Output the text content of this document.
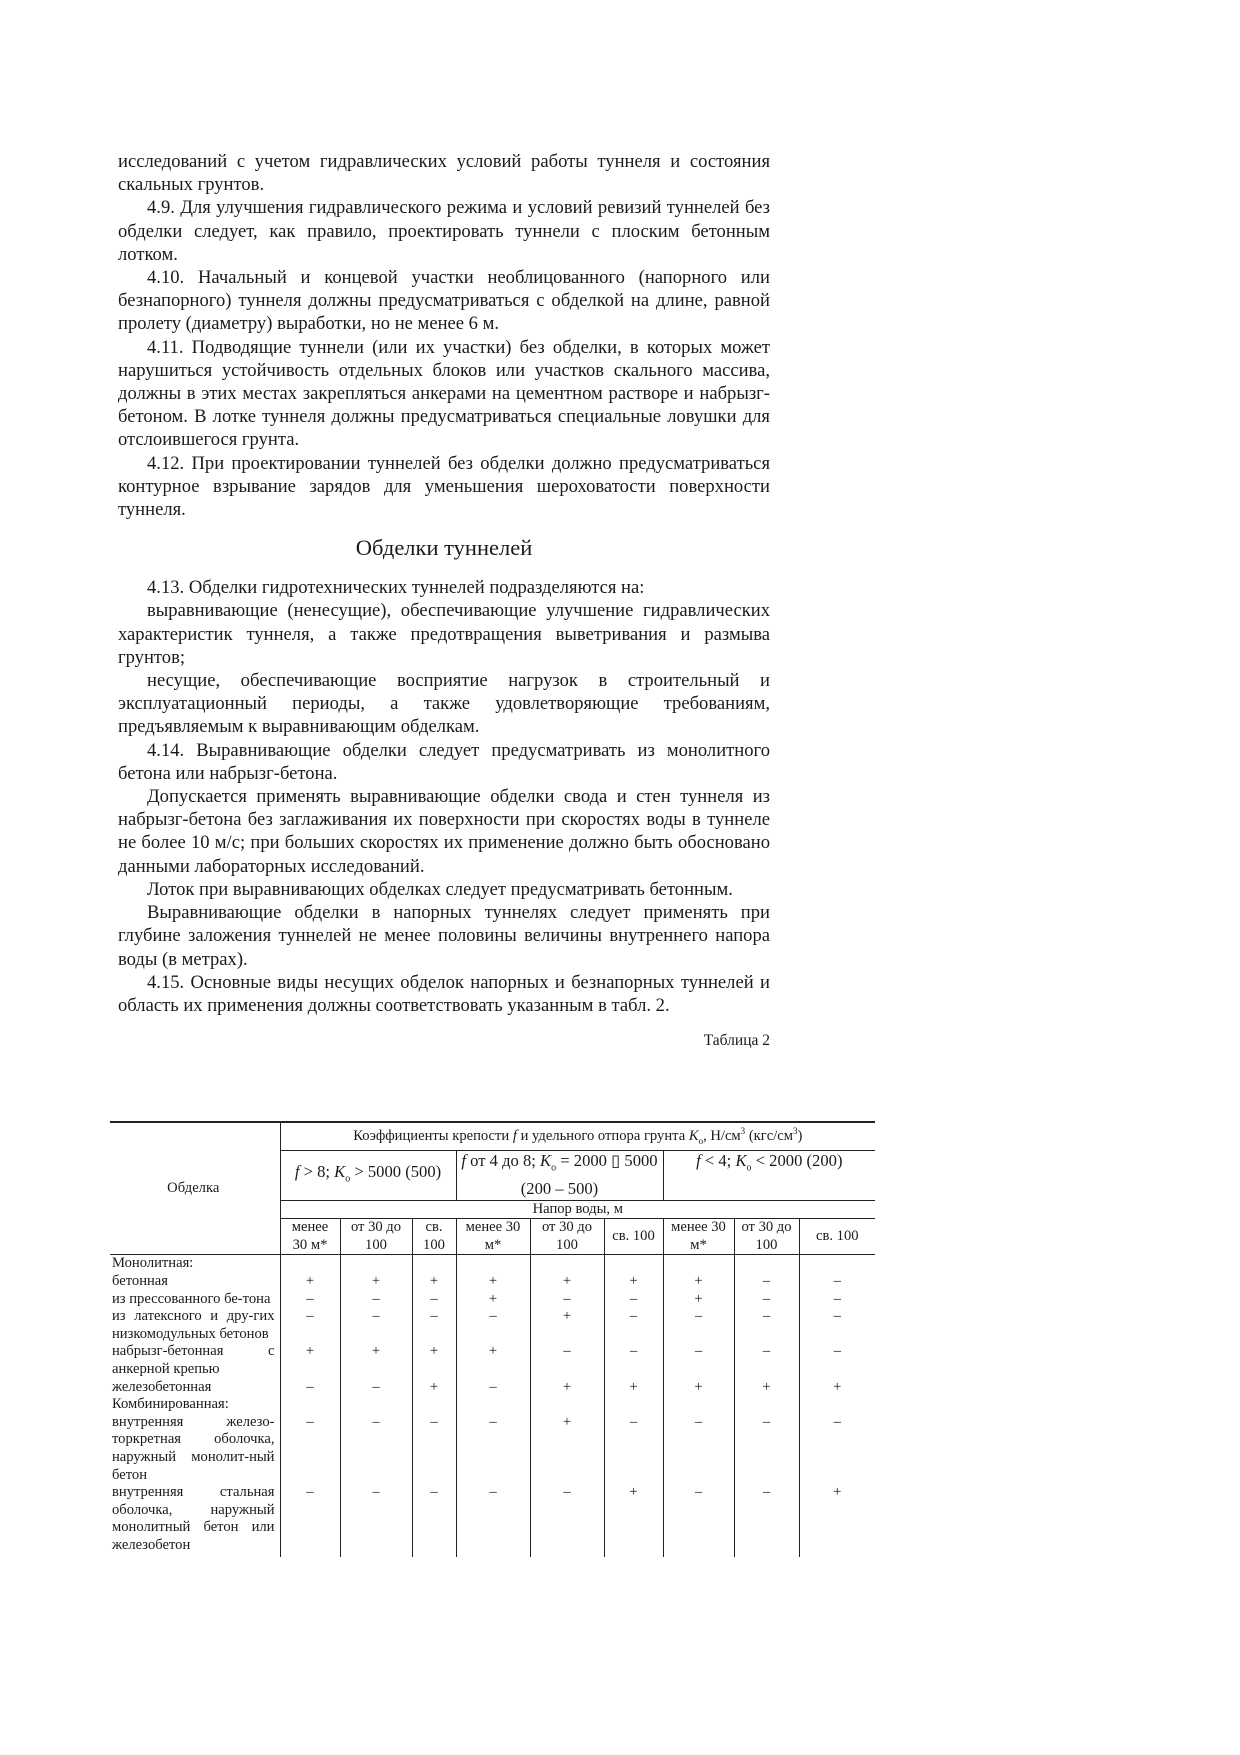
исследований с учетом гидравлических условий работы туннеля и состояния скальных грунтов.

4.9. Для улучшения гидравлического режима и условий ревизий туннелей без обделки следует, как правило, проектировать туннели с плоским бетонным лотком.

4.10. Начальный и концевой участки необлицованного (напорного или безнапорного) туннеля должны предусматриваться с обделкой на длине, равной пролету (диаметру) выработки, но не менее 6 м.

4.11. Подводящие туннели (или их участки) без обделки, в которых может нарушиться устойчивость отдельных блоков или участков скального массива, должны в этих местах закрепляться анкерами на цементном растворе и набрызг-бетоном. В лотке туннеля должны предусматриваться специальные ловушки для отслоившегося грунта.

4.12. При проектировании туннелей без обделки должно предусматриваться контурное взрывание зарядов для уменьшения шероховатости поверхности туннеля.

Обделки туннелей

4.13. Обделки гидротехнических туннелей подразделяются на:

выравнивающие (ненесущие), обеспечивающие улучшение гидравлических характеристик туннеля, а также предотвращения выветривания и размыва грунтов;

несущие, обеспечивающие восприятие нагрузок в строительный и эксплуатационный периоды, а также удовлетворяющие требованиям, предъявляемым к выравнивающим обделкам.

4.14. Выравнивающие обделки следует предусматривать из монолитного бетона или набрызг-бетона.

Допускается применять выравнивающие обделки свода и стен туннеля из набрызг-бетона без заглаживания их поверхности при скоростях воды в туннеле не более 10 м/с; при больших скоростях их применение должно быть обосновано данными лабораторных исследований.

Лоток при выравнивающих обделках следует предусматривать бетонным.

Выравнивающие обделки в напорных туннелях следует применять при глубине заложения туннелей не менее половины величины внутреннего напора воды (в метрах).

4.15. Основные виды несущих обделок напорных и безнапорных туннелей и область их применения должны соответствовать указанным в табл. 2.

Таблица 2

Обделка	Коэффициенты крепости f и удельного отпора грунта $K_о$, $Н/см^3$ $(кгс/см^3)$								
	f > 8; $K_о > 5000$ (500)			f от 4 до 8; $K_о = 2000$ ▯ 5000 (200 – 500)			f < 4; $K_о < 2000$ (200)		
	Напор воды, м								
	менее 30 м*	от 30 до 100	св. 100	менее 30 м*	от 30 до 100	св. 100	менее 30 м*	от 30 до 100	св. 100
Монолитная:									
бетонная	+	+	+	+	+	+	+	–	–
из прессованного бе-тона	–	–	–	+	–	–	+	–	–
из латексного и дру-гих низкомодульных бетонов	–	–	–	–	+	–	–	–	–
набрызг-бетонная с анкерной крепью	+	+	+	+	–	–	–	–	–
железобетонная	–	–	+	–	+	+	+	+	+
Комбинированная:									
внутренняя железо-торкретная оболочка, наружный монолит-ный бетон	–	–	–	–	+	–	–	–	–
внутренняя стальная оболочка, наружный монолитный бетон или железобетон	–	–	–	–	–	+	–	–	+
